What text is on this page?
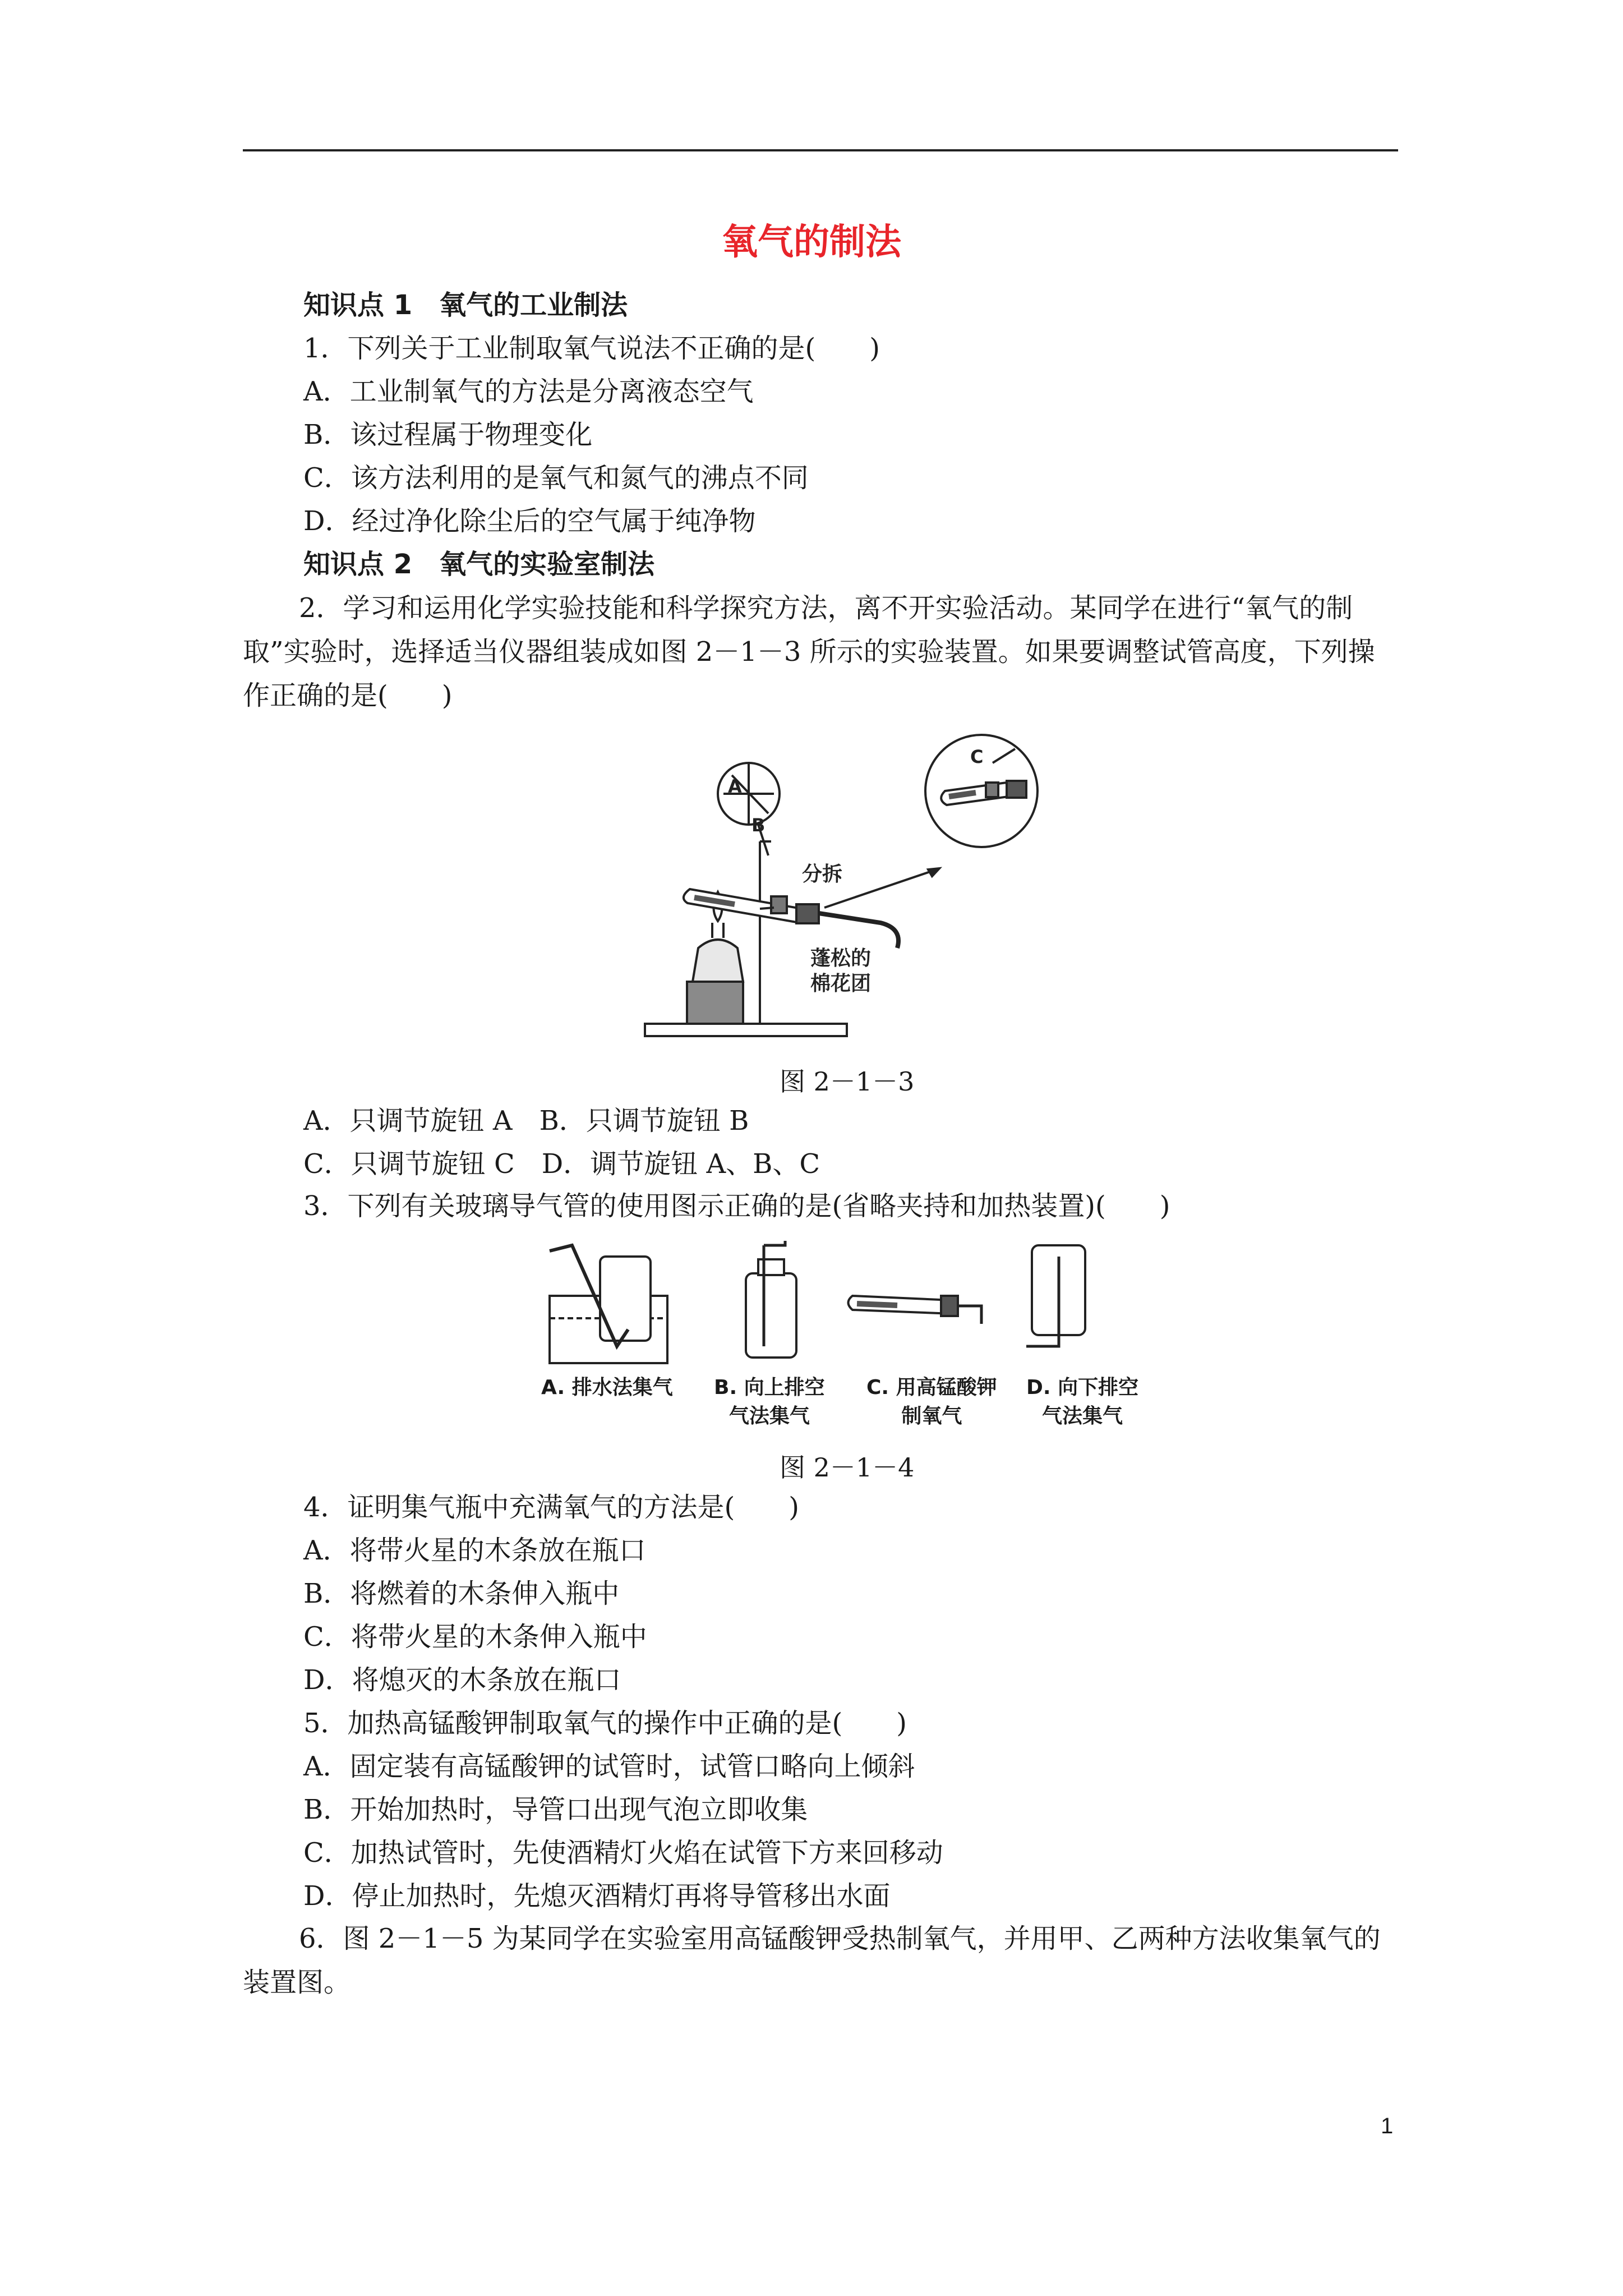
氧气的制法
知识点 1　氧气的工业制法
1．下列关于工业制取氧气说法不正确的是(　　)
A．工业制氧气的方法是分离液态空气
B．该过程属于物理变化
C．该方法利用的是氧气和氮气的沸点不同
D．经过净化除尘后的空气属于纯净物
知识点 2　氧气的实验室制法
2．学习和运用化学实验技能和科学探究方法，离不开实验活动。某同学在进行“氧气的制取”实验时，选择适当仪器组装成如图 2－1－3 所示的实验装置。如果要调整试管高度，下列操作正确的是(　　)
A
B
C
分拆
蓬松的
棉花团
图 2－1－3
A．只调节旋钮 A　B．只调节旋钮 B
C．只调节旋钮 C　D．调节旋钮 A、B、C
3．下列有关玻璃导气管的使用图示正确的是(省略夹持和加热装置)(　　)
A. 排水法集气 B. 向上排空
气法集气
C. 用高锰酸钾
制氧气
D. 向下排空
气法集气
图 2－1－4
4．证明集气瓶中充满氧气的方法是(　　)
A．将带火星的木条放在瓶口
B．将燃着的木条伸入瓶中
C．将带火星的木条伸入瓶中
D．将熄灭的木条放在瓶口
5．加热高锰酸钾制取氧气的操作中正确的是(　　)
A．固定装有高锰酸钾的试管时，试管口略向上倾斜
B．开始加热时，导管口出现气泡立即收集
C．加热试管时，先使酒精灯火焰在试管下方来回移动
D．停止加热时，先熄灭酒精灯再将导管移出水面
6．图 2－1－5 为某同学在实验室用高锰酸钾受热制氧气，并用甲、乙两种方法收集氧气的装置图。
1
